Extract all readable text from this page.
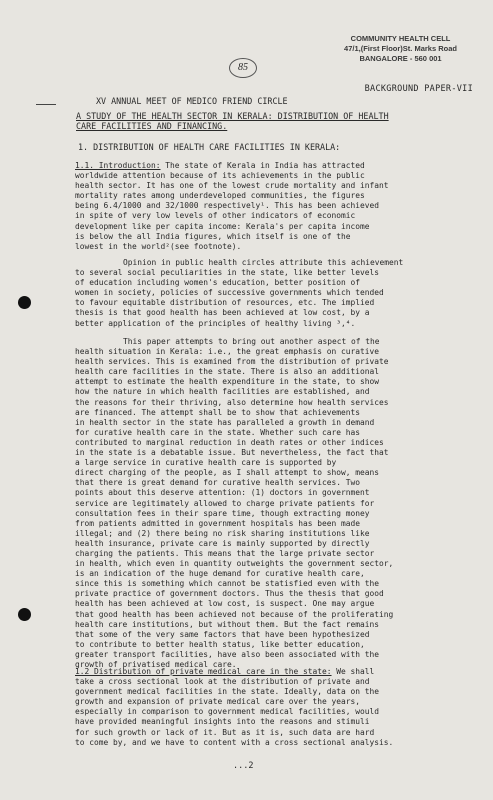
COMMUNITY HEALTH CELL
47/1,(First Floor)St. Marks Road
BANGALORE - 560 001
85
BACKGROUND PAPER-VII
XV ANNUAL MEET OF MEDICO FRIEND CIRCLE
A STUDY OF THE HEALTH SECTOR IN KERALA: DISTRIBUTION OF HEALTH
CARE FACILITIES AND FINANCING.
1. DISTRIBUTION OF HEALTH CARE FACILITIES IN KERALA:
1.1. Introduction: The state of Kerala in India has attracted
worldwide attention because of its achievements in the public
health sector. It has one of the lowest crude mortality and infant
mortality rates among underdeveloped communities, the figures
being 6.4/1000 and 32/1000 respectively¹. This has been achieved
in spite of very low levels of other indicators of economic
development like per capita income: Kerala's per capita income
is below the all India figures, which itself is one of the
lowest in the world²(see footnote).
Opinion in public health circles attribute this achievement
to several social peculiarities in the state, like better levels
of education including women's education, better position of
women in society, policies of successive governments which tended
to favour equitable distribution of resources, etc. The implied
thesis is that good health has been achieved at low cost, by a
better application of the principles of healthy living ³,⁴.
This paper attempts to bring out another aspect of the
health situation in Kerala: i.e., the great emphasis on curative
health services. This is examined from the distribution of private
health care facilities in the state. There is also an additional
attempt to estimate the health expenditure in the state, to show
how the nature in which health facilities are established, and
the reasons for their thriving, also determine how health services
are financed. The attempt shall be to show that achievements
in health sector in the state has paralleled a growth in demand
for curative health care in the state. Whether such care has
contributed to marginal reduction in death rates or other indices
in the state is a debatable issue. But nevertheless, the fact that
a large service in curative health care is supported by
direct charging of the people, as I shall attempt to show, means
that there is great demand for curative health services. Two
points about this deserve attention: (1) doctors in government
service are legitimately allowed to charge private patients for
consultation fees in their spare time, though extracting money
from patients admitted in government hospitals has been made
illegal; and (2) there being no risk sharing institutions like
health insurance, private care is mainly supported by directly
charging the patients. This means that the large private sector
in health, which even in quantity outweights the government sector,
is an indication of the huge demand for curative health care,
since this is something which cannot be statisfied even with the
private practice of government doctors. Thus the thesis that good
health has been achieved at low cost, is suspect. One may argue
that good health has been achieved not because of the proliferating
health care institutions, but without them. But the fact remains
that some of the very same factors that have been hypothesized
to contribute to better health status, like better education,
greater transport facilities, have also been associated with the
growth of privatised medical care.
1.2 Distribution of private medical care in the state: We shall
take a cross sectional look at the distribution of private and
government medical facilities in the state. Ideally, data on the
growth and expansion of private medical care over the years,
especially in comparison to government medical facilities, would
have provided meaningful insights into the reasons and stimuli
for such growth or lack of it. But as it is, such data are hard
to come by, and we have to content with a cross sectional analysis.
...2
